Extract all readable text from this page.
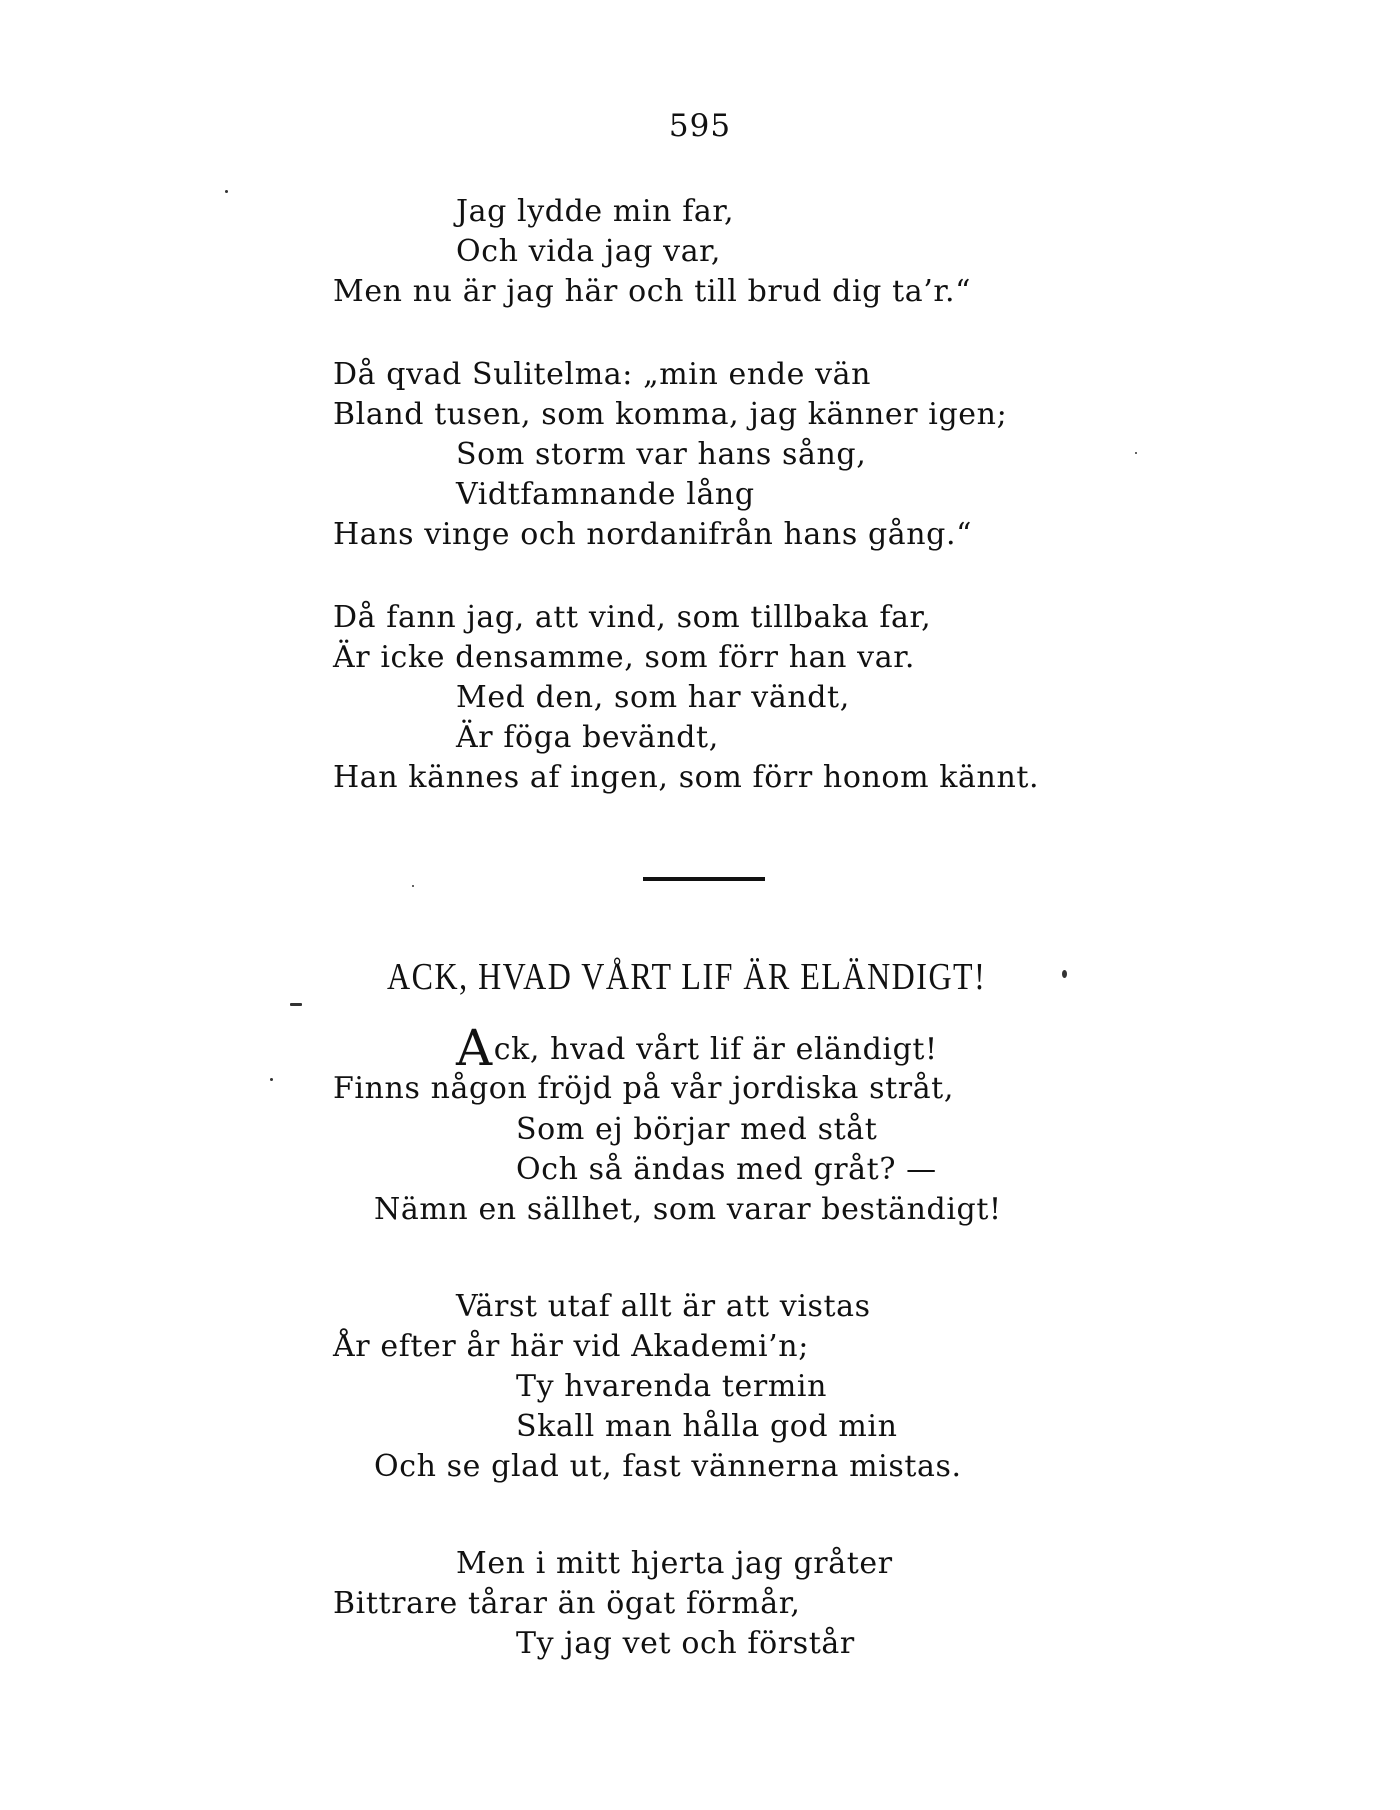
595
Jag lydde min far,
Och vida jag var,
Men nu är jag här och till brud dig ta’r.“
Då qvad Sulitelma: „min ende vän
Bland tusen, som komma, jag känner igen;
Som storm var hans sång,
Vidtfamnande lång
Hans vinge och nordanifrån hans gång.“
Då fann jag, att vind, som tillbaka far,
Är icke densamme, som förr han var.
Med den, som har vändt,
Är föga bevändt,
Han kännes af ingen, som förr honom kännt.
ACK, HVAD VÅRT LIF ÄR ELÄNDIGT!
Ack, hvad vårt lif är eländigt!
Finns någon fröjd på vår jordiska stråt,
Som ej börjar med ståt
Och så ändas med gråt? —
Nämn en sällhet, som varar beständigt!
Värst utaf allt är att vistas
År efter år här vid Akademi’n;
Ty hvarenda termin
Skall man hålla god min
Och se glad ut, fast vännerna mistas.
Men i mitt hjerta jag gråter
Bittrare tårar än ögat förmår,
Ty jag vet och förstår
